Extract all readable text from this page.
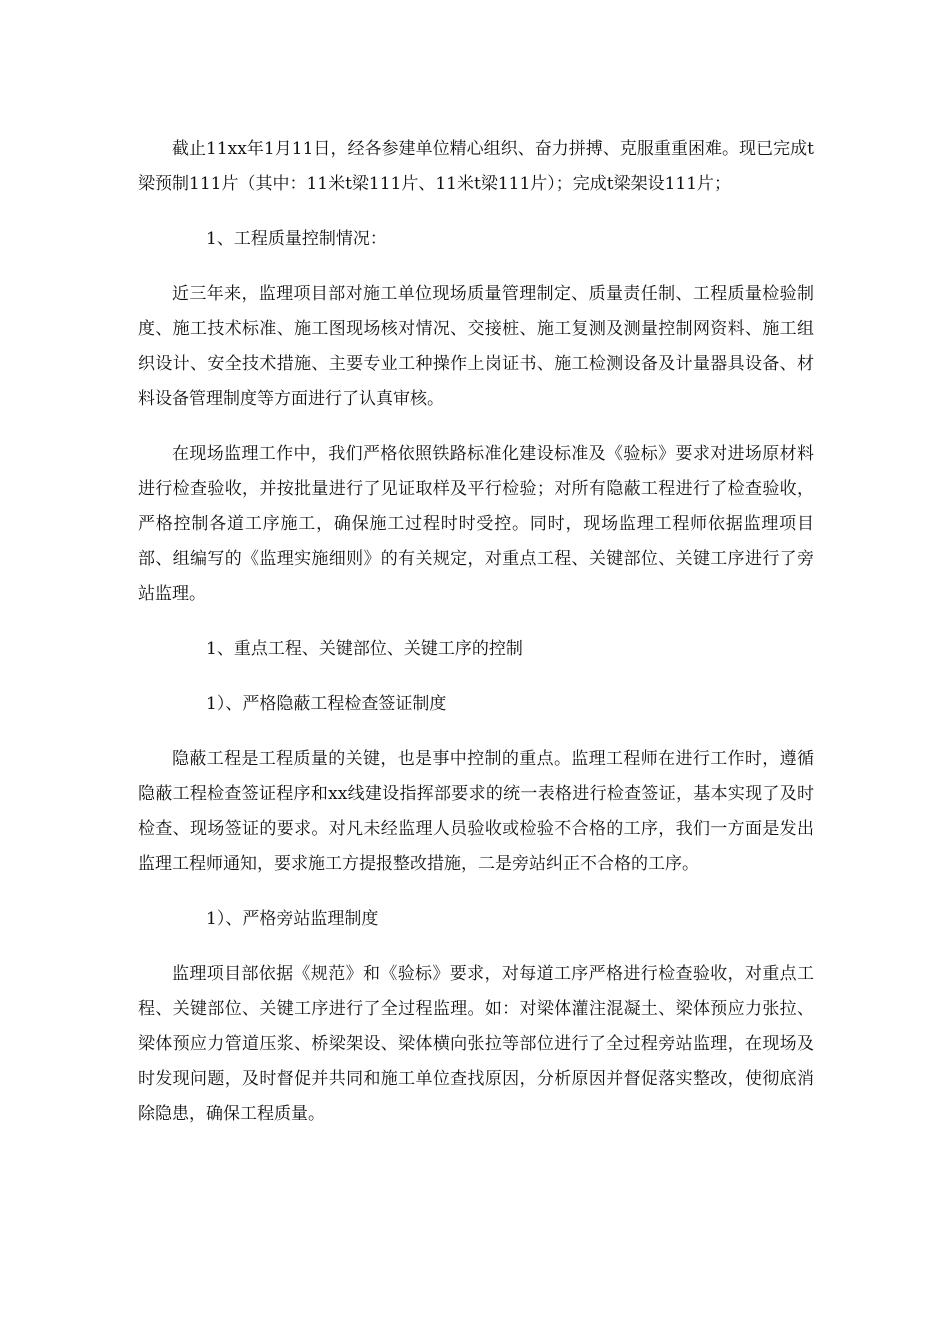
截止11xx年1月11日，经各参建单位精心组织、奋力拼搏、克服重重困难。现已完成t梁预制111片（其中：11米t梁111片、11米t梁111片）；完成t梁架设111片；

1、工程质量控制情况：

近三年来，监理项目部对施工单位现场质量管理制定、质量责任制、工程质量检验制度、施工技术标准、施工图现场核对情况、交接桩、施工复测及测量控制网资料、施工组织设计、安全技术措施、主要专业工种操作上岗证书、施工检测设备及计量器具设备、材料设备管理制度等方面进行了认真审核。

在现场监理工作中，我们严格依照铁路标准化建设标准及《验标》要求对进场原材料进行检查验收，并按批量进行了见证取样及平行检验；对所有隐蔽工程进行了检查验收，严格控制各道工序施工，确保施工过程时时受控。同时，现场监理工程师依据监理项目部、组编写的《监理实施细则》的有关规定，对重点工程、关键部位、关键工序进行了旁站监理。

1、重点工程、关键部位、关键工序的控制

1）、严格隐蔽工程检查签证制度

隐蔽工程是工程质量的关键，也是事中控制的重点。监理工程师在进行工作时，遵循隐蔽工程检查签证程序和xx线建设指挥部要求的统一表格进行检查签证，基本实现了及时检查、现场签证的要求。对凡未经监理人员验收或检验不合格的工序，我们一方面是发出监理工程师通知，要求施工方提报整改措施，二是旁站纠正不合格的工序。

1）、严格旁站监理制度

监理项目部依据《规范》和《验标》要求，对每道工序严格进行检查验收，对重点工程、关键部位、关键工序进行了全过程监理。如：对梁体灌注混凝土、梁体预应力张拉、梁体预应力管道压浆、桥梁架设、梁体横向张拉等部位进行了全过程旁站监理，在现场及时发现问题，及时督促并共同和施工单位查找原因，分析原因并督促落实整改，使彻底消除隐患，确保工程质量。
